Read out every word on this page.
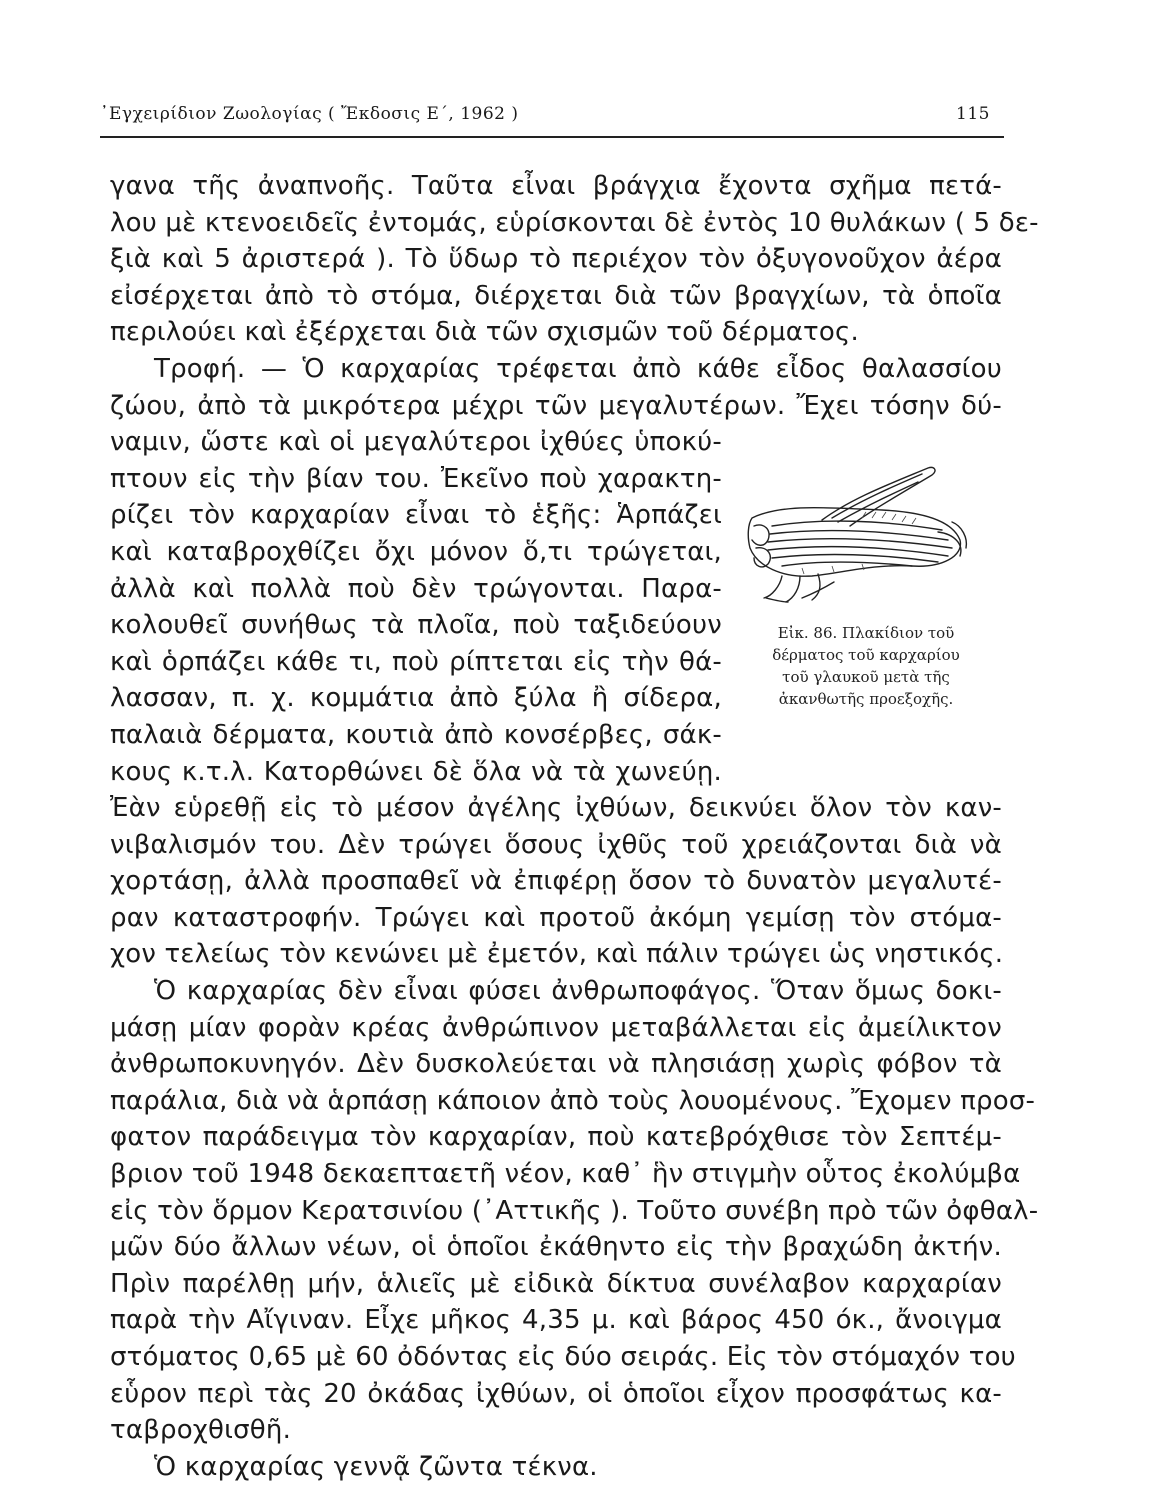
᾿Εγχειρίδιον Ζωολογίας ( Ἔκδοσις Ε΄, 1962 )	115
γανα τῆς ἀναπνοῆς. Ταῦτα εἶναι βράγχια ἔχοντα σχῆμα πετά-
λου μὲ κτενοειδεῖς ἐντομάς, εὑρίσκονται δὲ ἐντὸς 10 θυλάκων ( 5 δε-
ξιὰ καὶ 5 ἀριστερά ). Τὸ ὕδωρ τὸ περιέχον τὸν ὀξυγονοῦχον ἀέρα
εἰσέρχεται ἀπὸ τὸ στόμα, διέρχεται διὰ τῶν βραγχίων, τὰ ὁποῖα
περιλούει καὶ ἐξέρχεται διὰ τῶν σχισμῶν τοῦ δέρματος.
Τροφή. — Ὁ καρχαρίας τρέφεται ἀπὸ κάθε εἶδος θαλασσίου
ζώου, ἀπὸ τὰ μικρότερα μέχρι τῶν μεγαλυτέρων. Ἔχει τόσην δύ-
ναμιν, ὥστε καὶ οἱ μεγαλύτεροι ἰχθύες ὑποκύ-
πτουν εἰς τὴν βίαν του. Ἐκεῖνο ποὺ χαρακτη-
ρίζει τὸν καρχαρίαν εἶναι τὸ ἑξῆς: Ἁρπάζει
καὶ καταβροχθίζει ὄχι μόνον ὅ,τι τρώγεται,
ἀλλὰ καὶ πολλὰ ποὺ δὲν τρώγονται. Παρα-
κολουθεῖ συνήθως τὰ πλοῖα, ποὺ ταξιδεύουν
καὶ ὁρπάζει κάθε τι, ποὺ ρίπτεται εἰς τὴν θά-
λασσαν, π. χ. κομμάτια ἀπὸ ξύλα ἢ σίδερα,
παλαιὰ δέρματα, κουτιὰ ἀπὸ κονσέρβες, σάκ-
κους κ.τ.λ. Κατορθώνει δὲ ὅλα νὰ τὰ χωνεύῃ.
Ἐὰν εὑρεθῇ εἰς τὸ μέσον ἀγέλης ἰχθύων, δεικνύει ὅλον τὸν καν-
νιβαλισμόν του. Δὲν τρώγει ὅσους ἰχθῦς τοῦ χρειάζονται διὰ νὰ
χορτάσῃ, ἀλλὰ προσπαθεῖ νὰ ἐπιφέρῃ ὅσον τὸ δυνατὸν μεγαλυτέ-
ραν καταστροφήν. Τρώγει καὶ προτοῦ ἀκόμη γεμίσῃ τὸν στόμα-
χον τελείως τὸν κενώνει μὲ ἐμετόν, καὶ πάλιν τρώγει ὡς νηστικός.
Ὁ καρχαρίας δὲν εἶναι φύσει ἀνθρωποφάγος. Ὅταν ὅμως δοκι-
μάσῃ μίαν φορὰν κρέας ἀνθρώπινον μεταβάλλεται εἰς ἀμείλικτον
ἀνθρωποκυνηγόν. Δὲν δυσκολεύεται νὰ πλησιάσῃ χωρὶς φόβον τὰ
παράλια, διὰ νὰ ἁρπάσῃ κάποιον ἀπὸ τοὺς λουομένους. Ἔχομεν προσ-
φατον παράδειγμα τὸν καρχαρίαν, ποὺ κατεβρόχθισε τὸν Σεπτέμ-
βριον τοῦ 1948 δεκαεπταετῆ νέον, καθ᾿ ἣν στιγμὴν οὗτος ἐκολύμβα
εἰς τὸν ὅρμον Κερατσινίου (᾿Αττικῆς ). Τοῦτο συνέβη πρὸ τῶν ὀφθαλ-
μῶν δύο ἄλλων νέων, οἱ ὁποῖοι ἐκάθηντο εἰς τὴν βραχώδη ἀκτήν.
Πρὶν παρέλθῃ μήν, ἁλιεῖς μὲ εἰδικὰ δίκτυα συνέλαβον καρχαρίαν
παρὰ τὴν Αἴγιναν. Εἶχε μῆκος 4,35 μ. καὶ βάρος 450 όκ., ἄνοιγμα
στόματος 0,65 μὲ 60 ὀδόντας εἰς δύο σειράς. Εἰς τὸν στόμαχόν του
εὗρον περὶ τὰς 20 ὀκάδας ἰχθύων, οἱ ὁποῖοι εἶχον προσφάτως κα-
ταβροχθισθῆ.
Ὁ καρχαρίας γεννᾷ ζῶντα τέκνα.
Εἰκ. 86. Πλακίδιον τοῦ
δέρματος τοῦ καρχαρίου
τοῦ γλαυκοῦ μετὰ τῆς
ἀκανθωτῆς προεξοχῆς.
